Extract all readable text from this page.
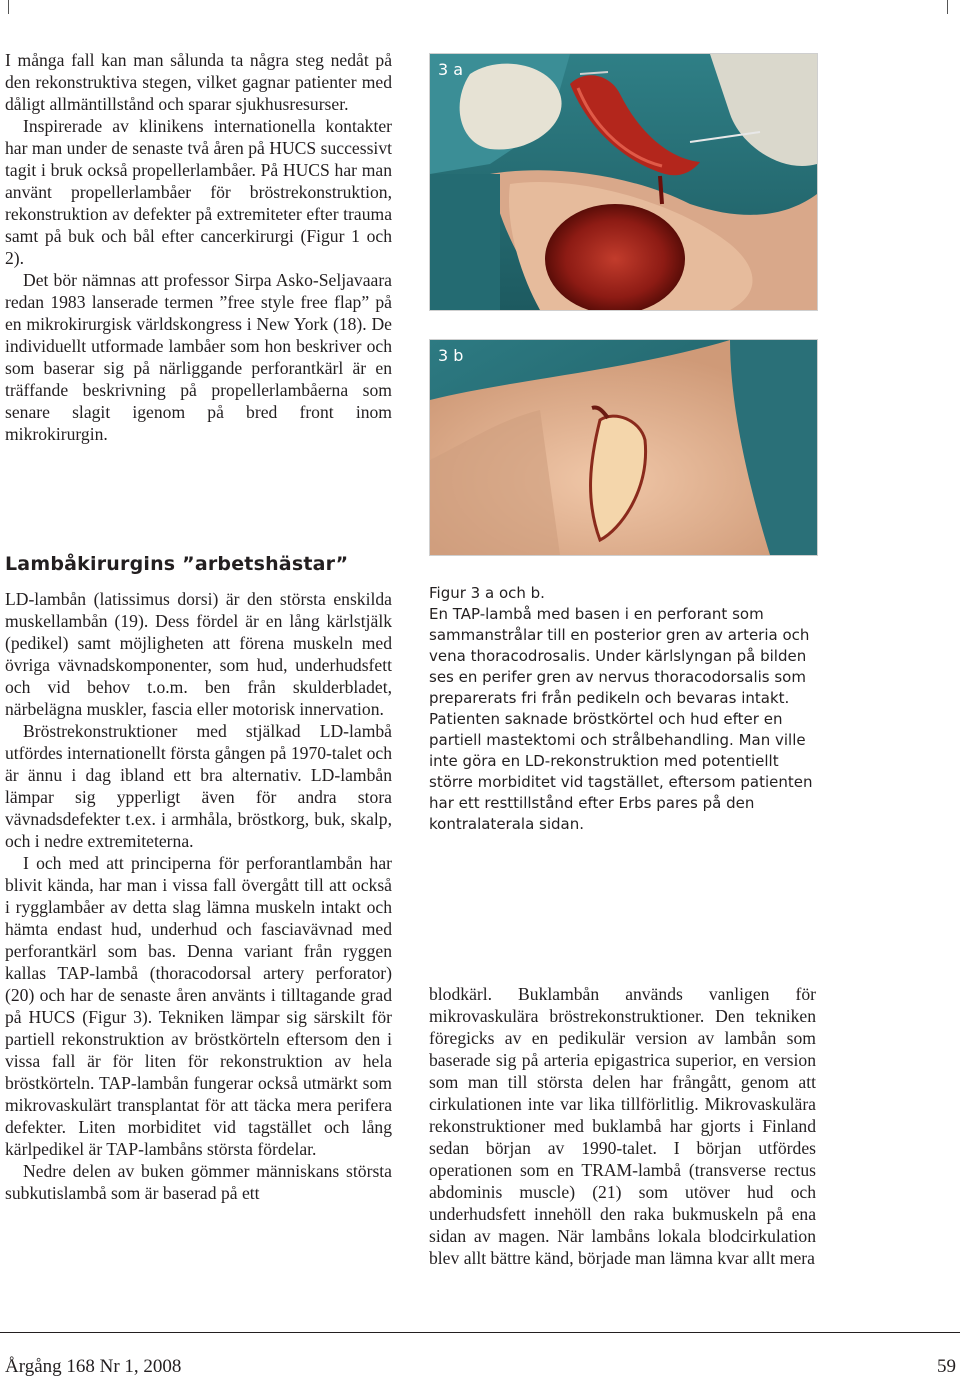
I många fall kan man sålunda ta några steg nedåt på den rekonstruktiva stegen, vilket gagnar patienter med dåligt allmäntillstånd och sparar sjukhusresurser.

Inspirerade av klinikens internationella kontakter har man under de senaste två åren på HUCS successivt tagit i bruk också propellerlambåer. På HUCS har man använt propellerlambåer för bröstrekonstruktion, rekonstruktion av defekter på extremiteter efter trauma samt på buk och bål efter cancerkirurgi (Figur 1 och 2).

Det bör nämnas att professor Sirpa Asko-Seljavaara redan 1983 lanserade termen ”free style free flap” på en mikrokirurgisk världskongress i New York (18). De individuellt utformade lambåer som hon beskriver och som baserar sig på närliggande perforantkärl är en träffande beskrivning på propellerlambåerna som senare slagit igenom på bred front inom mikrokirurgin.

Lambåkirurgins ”arbetshästar”

LD-lambån (latissimus dorsi) är den största enskilda muskellambån (19). Dess fördel är en lång kärlstjälk (pedikel) samt möjligheten att förena muskeln med övriga vävnadskomponenter, som hud, underhudsfett och vid behov t.o.m. ben från skulderbladet, närbelägna muskler, fascia eller motorisk innervation.

Bröstrekonstruktioner med stjälkad LD-lambå utfördes internationellt första gången på 1970-talet och är ännu i dag ibland ett bra alternativ. LD-lambån lämpar sig ypperligt även för andra stora vävnadsdefekter t.ex. i armhåla, bröstkorg, buk, skalp, och i nedre extremiteterna.

I och med att principerna för perforantlambån har blivit kända, har man i vissa fall övergått till att också i rygglambåer av detta slag lämna muskeln intakt och hämta endast hud, underhud och fasciavävnad med perforantkärl som bas. Denna variant från ryggen kallas TAP-lambå (thoracodorsal artery perforator) (20) och har de senaste åren använts i tilltagande grad på HUCS (Figur 3). Tekniken lämpar sig särskilt för partiell rekonstruktion av bröstkörteln eftersom den i vissa fall är för liten för rekonstruktion av hela bröstkörteln. TAP-lambån fungerar också utmärkt som mikrovaskulärt transplantat för att täcka mera perifera defekter. Liten morbiditet vid tagstället och lång kärlpedikel är TAP-lambåns största fördelar.

Nedre delen av buken gömmer människans största subkutislambå som är baserad på ett

3 a
3 b

Figur 3 a och b.

En TAP-lambå med basen i en perforant som sammanstrålar till en posterior gren av arteria och vena thoracodrosalis. Under kärlslyngan på bilden ses en perifer gren av nervus thoracodorsalis som preparerats fri från pedikeln och bevaras intakt. Patienten saknade bröstkörtel och hud efter en partiell mastektomi och strålbehandling. Man ville inte göra en LD-rekonstruktion med potentiellt större morbiditet vid tagstället, eftersom patienten har ett resttillstånd efter Erbs pares på den kontralaterala sidan.

blodkärl. Buklambån används vanligen för mikrovaskulära bröstrekonstruktioner. Den tekniken föregicks av en pedikulär version av lambån som baserade sig på arteria epigastrica superior, en version som man till största delen har frångått, genom att cirkulationen inte var lika tillförlitlig. Mikrovaskulära rekonstruktioner med buklambå har gjorts i Finland sedan början av 1990-talet. I början utfördes operationen som en TRAM-lambå (transverse rectus abdominis muscle) (21) som utöver hud och underhudsfett innehöll den raka bukmuskeln på ena sidan av magen. När lambåns lokala blodcirkulation blev allt bättre känd, började man lämna kvar allt mera

Årgång 168 Nr 1, 2008	59
